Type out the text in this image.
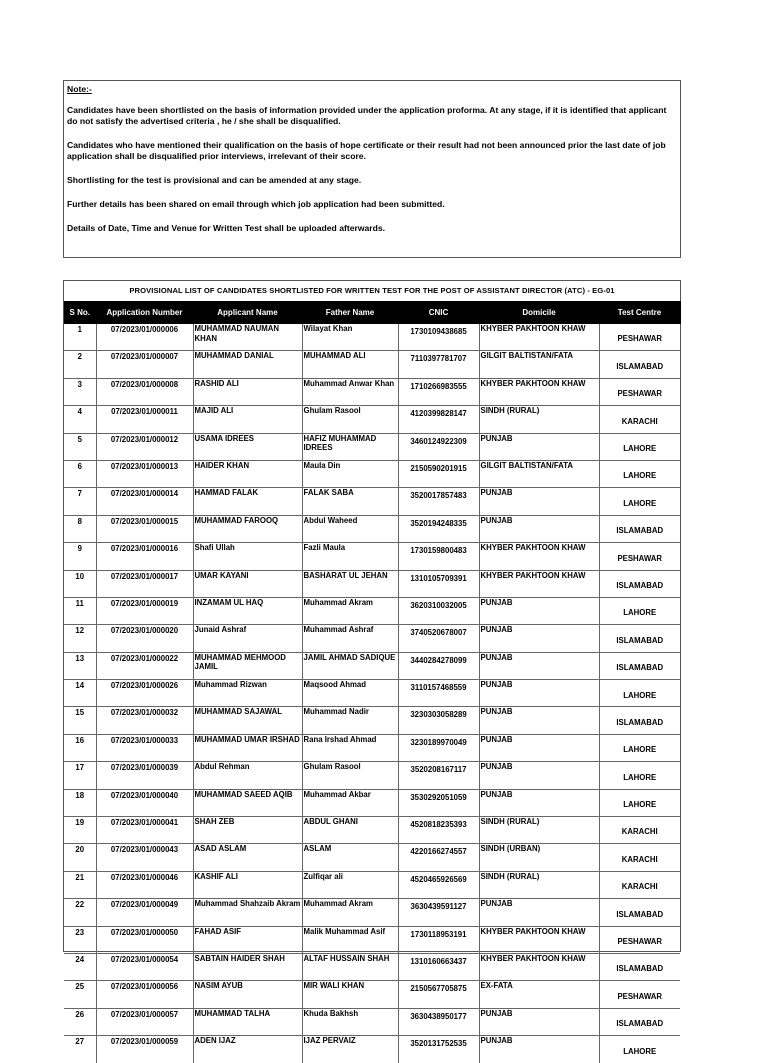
Note:-

Candidates have been shortlisted on the basis of information provided under the application proforma. At any stage, if it is identified that applicant do not satisfy the advertised criteria , he / she shall be disqualified.

Candidates who have mentioned their qualification on the basis of hope certificate or their result had not been announced prior the last date of job application shall be disqualified prior interviews, irrelevant of their score.

Shortlisting for the test is provisional and can be amended at any stage.

Further details has been shared on email through which job application had been submitted.

Details of Date, Time and Venue for Written Test shall be uploaded afterwards.

PROVISIONAL LIST OF CANDIDATES SHORTLISTED FOR WRITTEN TEST FOR THE POST OF ASSISTANT DIRECTOR (ATC) - EG-01
S No.	Application Number	Applicant Name	Father Name	CNIC	Domicile	Test Centre
1	07/2023/01/000006	MUHAMMAD NAUMAN KHAN	Wilayat Khan	1730109438685	KHYBER PAKHTOON KHAW	PESHAWAR
2	07/2023/01/000007	MUHAMMAD DANIAL	MUHAMMAD ALI	7110397781707	GILGIT BALTISTAN/FATA	ISLAMABAD
3	07/2023/01/000008	RASHID ALI	Muhammad Anwar Khan	1710266983555	KHYBER PAKHTOON KHAW	PESHAWAR
4	07/2023/01/000011	MAJID ALI	Ghulam Rasool	4120399828147	SINDH (RURAL)	KARACHI
5	07/2023/01/000012	USAMA IDREES	HAFIZ MUHAMMAD IDREES	3460124922309	PUNJAB	LAHORE
6	07/2023/01/000013	HAIDER KHAN	Maula Din	2150590201915	GILGIT BALTISTAN/FATA	LAHORE
7	07/2023/01/000014	HAMMAD FALAK	FALAK SABA	3520017857483	PUNJAB	LAHORE
8	07/2023/01/000015	MUHAMMAD FAROOQ	Abdul Waheed	3520194248335	PUNJAB	ISLAMABAD
9	07/2023/01/000016	Shafi Ullah	Fazli Maula	1730159800483	KHYBER PAKHTOON KHAW	PESHAWAR
10	07/2023/01/000017	UMAR KAYANI	BASHARAT UL JEHAN	1310105709391	KHYBER PAKHTOON KHAW	ISLAMABAD
11	07/2023/01/000019	INZAMAM UL HAQ	Muhammad Akram	3620310032005	PUNJAB	LAHORE
12	07/2023/01/000020	Junaid Ashraf	Muhammad Ashraf	3740520678007	PUNJAB	ISLAMABAD
13	07/2023/01/000022	MUHAMMAD MEHMOOD JAMIL	JAMIL AHMAD SADIQUE	3440284278099	PUNJAB	ISLAMABAD
14	07/2023/01/000026	Muhammad Rizwan	Maqsood Ahmad	3110157468559	PUNJAB	LAHORE
15	07/2023/01/000032	MUHAMMAD SAJAWAL	Muhammad Nadir	3230303058289	PUNJAB	ISLAMABAD
16	07/2023/01/000033	MUHAMMAD UMAR IRSHAD	Rana Irshad Ahmad	3230189970049	PUNJAB	LAHORE
17	07/2023/01/000039	Abdul Rehman	Ghulam Rasool	3520208167117	PUNJAB	LAHORE
18	07/2023/01/000040	MUHAMMAD SAEED AQIB	Muhammad Akbar	3530292051059	PUNJAB	LAHORE
19	07/2023/01/000041	SHAH ZEB	ABDUL GHANI	4520818235393	SINDH (RURAL)	KARACHI
20	07/2023/01/000043	ASAD ASLAM	ASLAM	4220166274557	SINDH (URBAN)	KARACHI
21	07/2023/01/000046	KASHIF ALI	Zulfiqar ali	4520465926569	SINDH (RURAL)	KARACHI
22	07/2023/01/000049	Muhammad Shahzaib Akram	Muhammad Akram	3630439591127	PUNJAB	ISLAMABAD
23	07/2023/01/000050	FAHAD ASIF	Malik Muhammad Asif	1730118953191	KHYBER PAKHTOON KHAW	PESHAWAR
24	07/2023/01/000054	SABTAIN HAIDER SHAH	ALTAF HUSSAIN SHAH	1310160663437	KHYBER PAKHTOON KHAW	ISLAMABAD
25	07/2023/01/000056	NASIM AYUB	MIR WALI KHAN	2150567705875	EX-FATA	PESHAWAR
26	07/2023/01/000057	MUHAMMAD TALHA	Khuda Bakhsh	3630438950177	PUNJAB	ISLAMABAD
27	07/2023/01/000059	ADEN IJAZ	IJAZ PERVAIZ	3520131752535	PUNJAB	LAHORE
